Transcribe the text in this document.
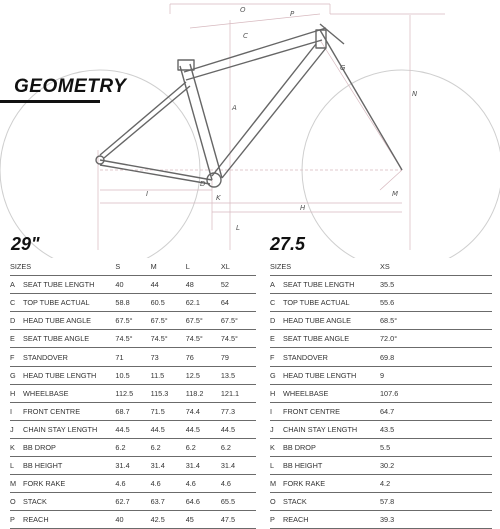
O
C
A
D
G
N
I
H
L
M
K
P
GEOMETRY
29"	27.5
SIZES		S	M	L	XL
A	SEAT TUBE LENGTH	40	44	48	52
C	TOP TUBE ACTUAL	58.8	60.5	62.1	64
D	HEAD TUBE ANGLE	67.5°	67.5°	67.5°	67.5°
E	SEAT TUBE ANGLE	74.5°	74.5°	74.5°	74.5°
F	STANDOVER	71	73	76	79
G	HEAD TUBE LENGTH	10.5	11.5	12.5	13.5
H	WHEELBASE	112.5	115.3	118.2	121.1
I	FRONT CENTRE	68.7	71.5	74.4	77.3
J	CHAIN STAY LENGTH	44.5	44.5	44.5	44.5
K	BB DROP	6.2	6.2	6.2	6.2
L	BB HEIGHT	31.4	31.4	31.4	31.4
M	FORK RAKE	4.6	4.6	4.6	4.6
O	STACK	62.7	63.7	64.6	65.5
P	REACH	40	42.5	45	47.5
SIZES		XS
A	SEAT TUBE LENGTH	35.5
C	TOP TUBE ACTUAL	55.6
D	HEAD TUBE ANGLE	68.5°
E	SEAT TUBE ANGLE	72.0°
F	STANDOVER	69.8
G	HEAD TUBE LENGTH	9
H	WHEELBASE	107.6
I	FRONT CENTRE	64.7
J	CHAIN STAY LENGTH	43.5
K	BB DROP	5.5
L	BB HEIGHT	30.2
M	FORK RAKE	4.2
O	STACK	57.8
P	REACH	39.3
